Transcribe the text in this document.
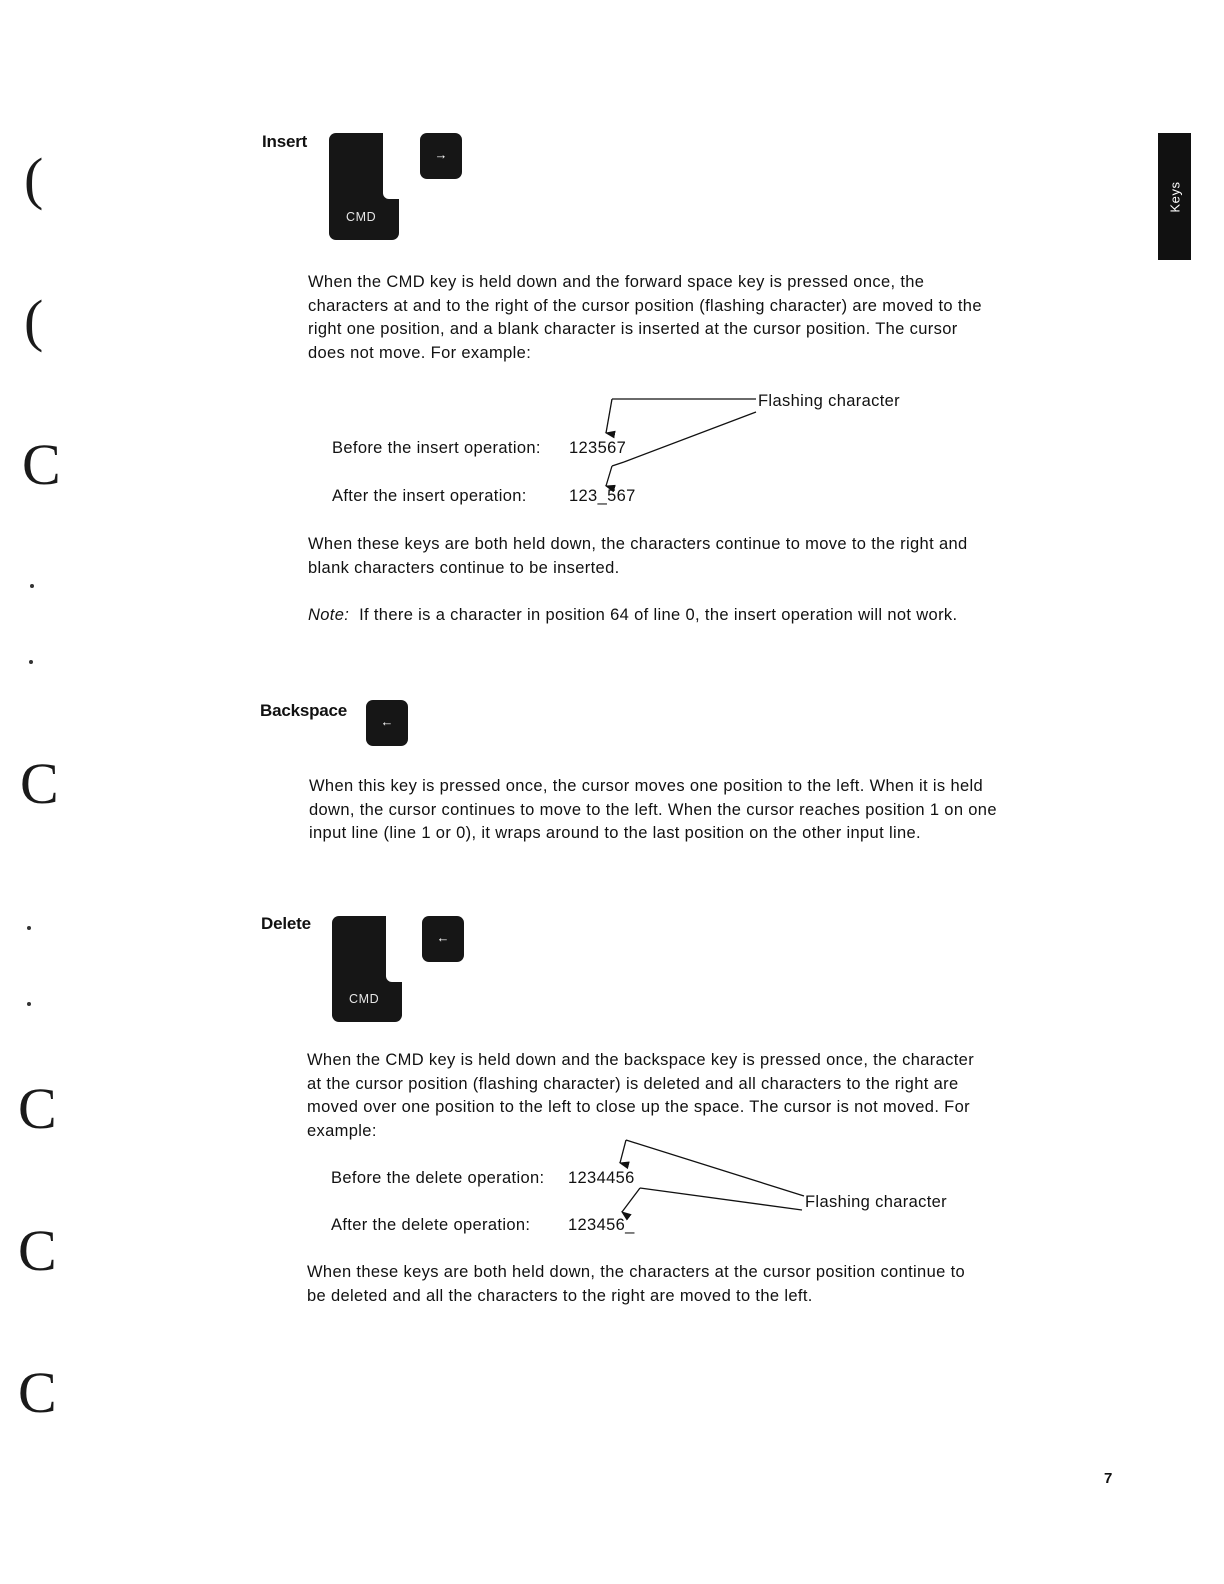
(
(
C
C
C
C
C
Keys
Insert
CMD
→

When the CMD key is held down and the forward space key is pressed once, the characters at and to the right of the cursor position (flashing character) are moved to the right one position, and a blank character is inserted at the cursor position. The cursor does not move. For example:

Flashing character
Before the insert operation: 123567
After the insert operation:	123_567

When these keys are both held down, the characters continue to move to the right and blank characters continue to be inserted.

Note: If there is a character in position 64 of line 0, the insert operation will not work.

Backspace
←

When this key is pressed once, the cursor moves one position to the left. When it is held down, the cursor continues to move to the left. When the cursor reaches position 1 on one input line (line 1 or 0), it wraps around to the last position on the other input line.

Delete
CMD
←

When the CMD key is held down and the backspace key is pressed once, the character at the cursor position (flashing character) is deleted and all characters to the right are moved over one position to the left to close up the space. The cursor is not moved. For example:

Before the delete operation: 1234456
Flashing character
After the delete operation: 123456_

When these keys are both held down, the characters at the cursor position continue to be deleted and all the characters to the right are moved to the left.

7
